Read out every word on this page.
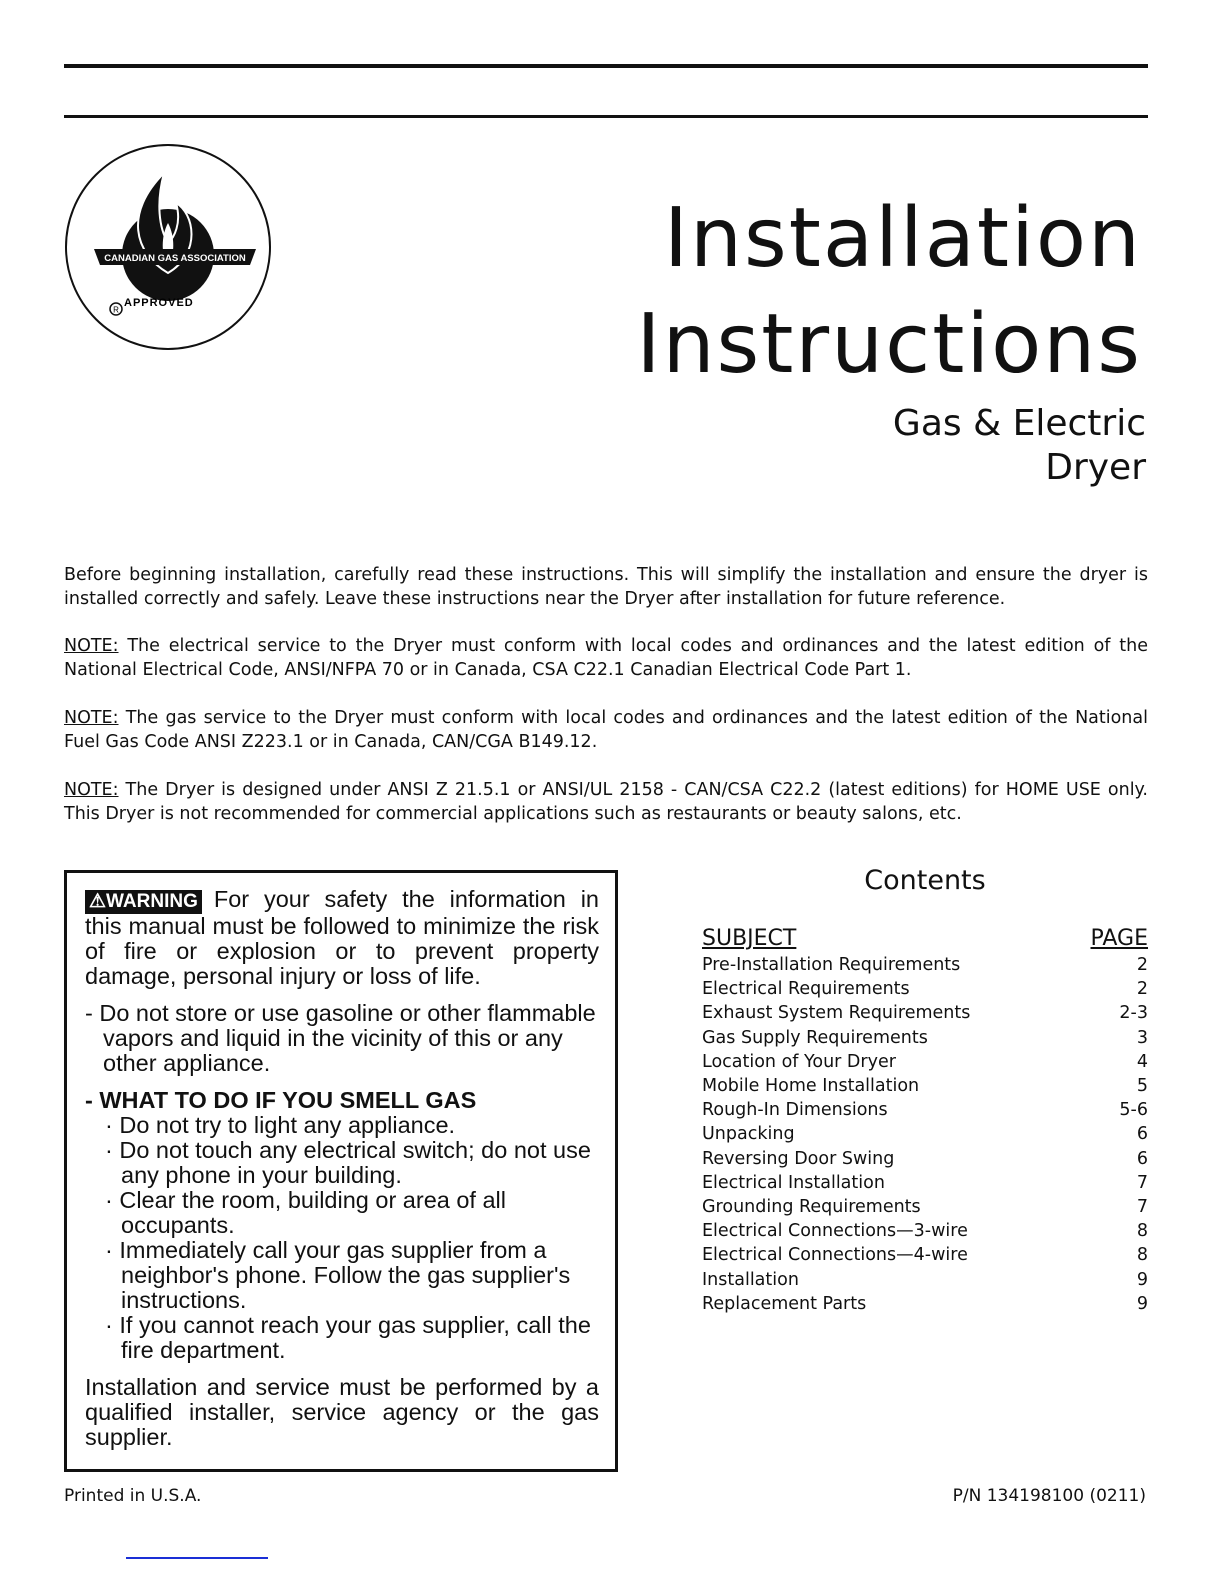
CANADIAN GAS ASSOCIATION
R
APPROVED
Installation
Instructions
Gas & Electric
Dryer
Before beginning installation, carefully read these instructions. This will simplify the installation and ensure the dryer is installed correctly and safely. Leave these instructions near the Dryer after installation for future reference.
NOTE: The electrical service to the Dryer must conform with local codes and ordinances and the latest edition of the National Electrical Code, ANSI/NFPA 70 or in Canada, CSA C22.1 Canadian Electrical Code Part 1.
NOTE: The gas service to the Dryer must conform with local codes and ordinances and the latest edition of the National Fuel Gas Code ANSI Z223.1 or in Canada, CAN/CGA B149.12.
NOTE: The Dryer is designed under ANSI Z 21.5.1 or ANSI/UL 2158 - CAN/CSA C22.2 (latest editions) for HOME USE only. This Dryer is not recommended for commercial applications such as restaurants or beauty salons, etc.
⚠WARNING For your safety the information in this manual must be followed to minimize the risk of fire or explosion or to prevent property damage, personal injury or loss of life.
- Do not store or use gasoline or other flammable vapors and liquid in the vicinity of this or any other appliance.
- WHAT TO DO IF YOU SMELL GAS
· Do not try to light any appliance.
· Do not touch any electrical switch; do not use any phone in your building.
· Clear the room, building or area of all occupants.
· Immediately call your gas supplier from a neighbor's phone. Follow the gas supplier's instructions.
· If you cannot reach your gas supplier, call the fire department.
Installation and service must be performed by a qualified installer, service agency or the gas supplier.
Contents
SUBJECT	PAGE
Pre-Installation Requirements	2
Electrical Requirements	2
Exhaust System Requirements	2-3
Gas Supply Requirements	3
Location of Your Dryer	4
Mobile Home Installation	5
Rough-In Dimensions	5-6
Unpacking	6
Reversing Door Swing	6
Electrical Installation	7
Grounding Requirements	7
Electrical Connections—3-wire	8
Electrical Connections—4-wire	8
Installation	9
Replacement Parts	9
Printed in U.S.A.	P/N 134198100 (0211)
